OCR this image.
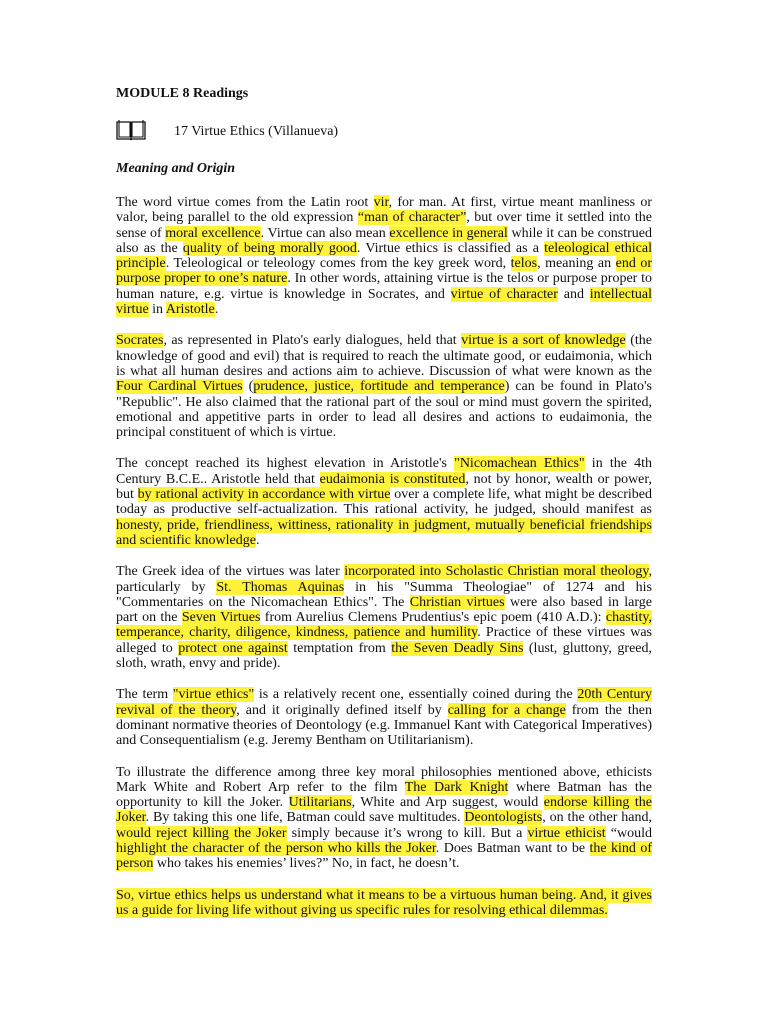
MODULE 8 Readings

17 Virtue Ethics (Villanueva)
Meaning and Origin

The word virtue comes from the Latin root vir, for man. At first, virtue meant manliness or valor, being parallel to the old expression “man of character”, but over time it settled into the sense of moral excellence. Virtue can also mean excellence in general while it can be construed also as the quality of being morally good. Virtue ethics is classified as a teleological ethical principle. Teleological or teleology comes from the key greek word, telos, meaning an end or purpose proper to one’s nature. In other words, attaining virtue is the telos or purpose proper to human nature, e.g. virtue is knowledge in Socrates, and virtue of character and intellectual virtue in Aristotle.

Socrates, as represented in Plato's early dialogues, held that virtue is a sort of knowledge (the knowledge of good and evil) that is required to reach the ultimate good, or eudaimonia, which is what all human desires and actions aim to achieve. Discussion of what were known as the Four Cardinal Virtues (prudence, justice, fortitude and temperance) can be found in Plato's "Republic". He also claimed that the rational part of the soul or mind must govern the spirited, emotional and appetitive parts in order to lead all desires and actions to eudaimonia, the principal constituent of which is virtue.

The concept reached its highest elevation in Aristotle's "Nicomachean Ethics" in the 4th Century B.C.E.. Aristotle held that eudaimonia is constituted, not by honor, wealth or power, but by rational activity in accordance with virtue over a complete life, what might be described today as productive self-actualization. This rational activity, he judged, should manifest as honesty, pride, friendliness, wittiness, rationality in judgment, mutually beneficial friendships and scientific knowledge.

The Greek idea of the virtues was later incorporated into Scholastic Christian moral theology, particularly by St. Thomas Aquinas in his "Summa Theologiae" of 1274 and his "Commentaries on the Nicomachean Ethics". The Christian virtues were also based in large part on the Seven Virtues from Aurelius Clemens Prudentius's epic poem (410 A.D.): chastity, temperance, charity, diligence, kindness, patience and humility. Practice of these virtues was alleged to protect one against temptation from the Seven Deadly Sins (lust, gluttony, greed, sloth, wrath, envy and pride).

The term "virtue ethics" is a relatively recent one, essentially coined during the 20th Century revival of the theory, and it originally defined itself by calling for a change from the then dominant normative theories of Deontology (e.g. Immanuel Kant with Categorical Imperatives) and Consequentialism (e.g. Jeremy Bentham on Utilitarianism).

To illustrate the difference among three key moral philosophies mentioned above, ethicists Mark White and Robert Arp refer to the film The Dark Knight where Batman has the opportunity to kill the Joker. Utilitarians, White and Arp suggest, would endorse killing the Joker. By taking this one life, Batman could save multitudes. Deontologists, on the other hand, would reject killing the Joker simply because it’s wrong to kill. But a virtue ethicist “would highlight the character of the person who kills the Joker. Does Batman want to be the kind of person who takes his enemies’ lives?” No, in fact, he doesn’t.

So, virtue ethics helps us understand what it means to be a virtuous human being. And, it gives us a guide for living life without giving us specific rules for resolving ethical dilemmas.
